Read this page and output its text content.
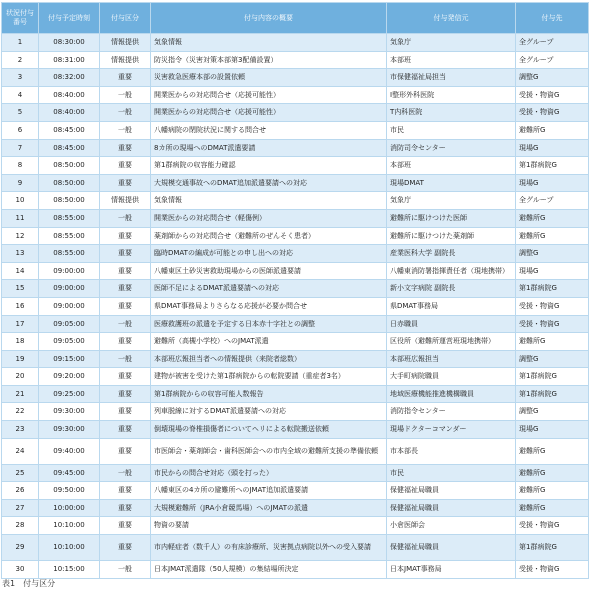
状況付与番号	付与予定時刻	付与区分	付与内容の概要	付与発信元	付与先
1	08:30:00	情報提供	気象情報	気象庁	全グループ
2	08:31:00	情報提供	防災指令（災害対策本部第3配備設置）	本部班	全グループ
3	08:32:00	重要	災害救急医療本部の設置依頼	市保健福祉局担当	調整G
4	08:40:00	一般	開業医からの対応問合せ（応援可能性）	I整形外科医院	受援・物資G
5	08:40:00	一般	開業医からの対応問合せ（応援可能性）	T内科医院	受援・物資G
6	08:45:00	一般	八幡病院の閉院状況に関する問合せ	市民	避難所G
7	08:45:00	重要	8カ所の現場へのDMAT派遣要請	消防司令センター	現場G
8	08:50:00	重要	第1群病院の収容能力確認	本部班	第1群病院G
9	08:50:00	重要	大規模交通事故へのDMAT追加派遣要請への対応	現場DMAT	現場G
10	08:50:00	情報提供	気象情報	気象庁	全グループ
11	08:55:00	一般	開業医からの対応問合せ（軽傷例）	避難所に駆けつけた医師	避難所G
12	08:55:00	重要	薬剤師からの対応問合せ（避難所のぜんそく患者）	避難所に駆けつけた薬剤師	避難所G
13	08:55:00	重要	臨時DMATの編成が可能との申し出への対応	産業医科大学 副院長	調整G
14	09:00:00	重要	八幡東区土砂災害救助現場からの医師派遣要請	八幡東消防署指揮責任者（現地携帯）	現場G
15	09:00:00	重要	医師不足によるDMAT派遣要請への対応	新小文字病院 副院長	第1群病院G
16	09:00:00	重要	県DMAT事務局よりさらなる応援が必要か問合せ	県DMAT事務局	受援・物資G
17	09:05:00	一般	医療救護班の派遣を予定する日本赤十字社との調整	日赤職員	受援・物資G
18	09:05:00	重要	避難所（高槻小学校）へのJMAT派遣	区役所（避難所運営班現地携帯）	避難所G
19	09:15:00	一般	本部班広報担当者への情報提供（来院者総数）	本部班広報担当	調整G
20	09:20:00	重要	建物が被害を受けた第1群病院からの転院要請（重症者3名）	大手町病院職員	第1群病院G
21	09:25:00	重要	第1群病院からの収容可能人数報告	地域医療機能推進機構職員	第1群病院G
22	09:30:00	重要	列車脱線に対するDMAT派遣要請への対応	消防指令センター	調整G
23	09:30:00	重要	倒壊現場の脊椎損傷者についてヘリによる転院搬送依頼	現場ドクターコマンダー	現場G
24	09:40:00	重要	市医師会・薬剤師会・歯科医師会への市内全域の避難所支援の準備依頼	市本部長	避難所G
25	09:45:00	一般	市民からの問合せ対応（頭を打った）	市民	避難所G
26	09:50:00	重要	八幡東区の4カ所の避難所へのJMAT追加派遣要請	保健福祉局職員	避難所G
27	10:00:00	重要	大規模避難所（JRA小倉競馬場）へのJMATの派遣	保健福祉局職員	避難所G
28	10:10:00	重要	物資の要請	小倉医師会	受援・物資G
29	10:10:00	重要	市内軽症者（数千人）の有床診療所、災害拠点病院以外への受入要請	保健福祉局職員	第1群病院G
30	10:15:00	一般	日本JMAT派遣隊（50人規模）の集結場所決定	日本JMAT事務局	受援・物資G
表1 付与区分
